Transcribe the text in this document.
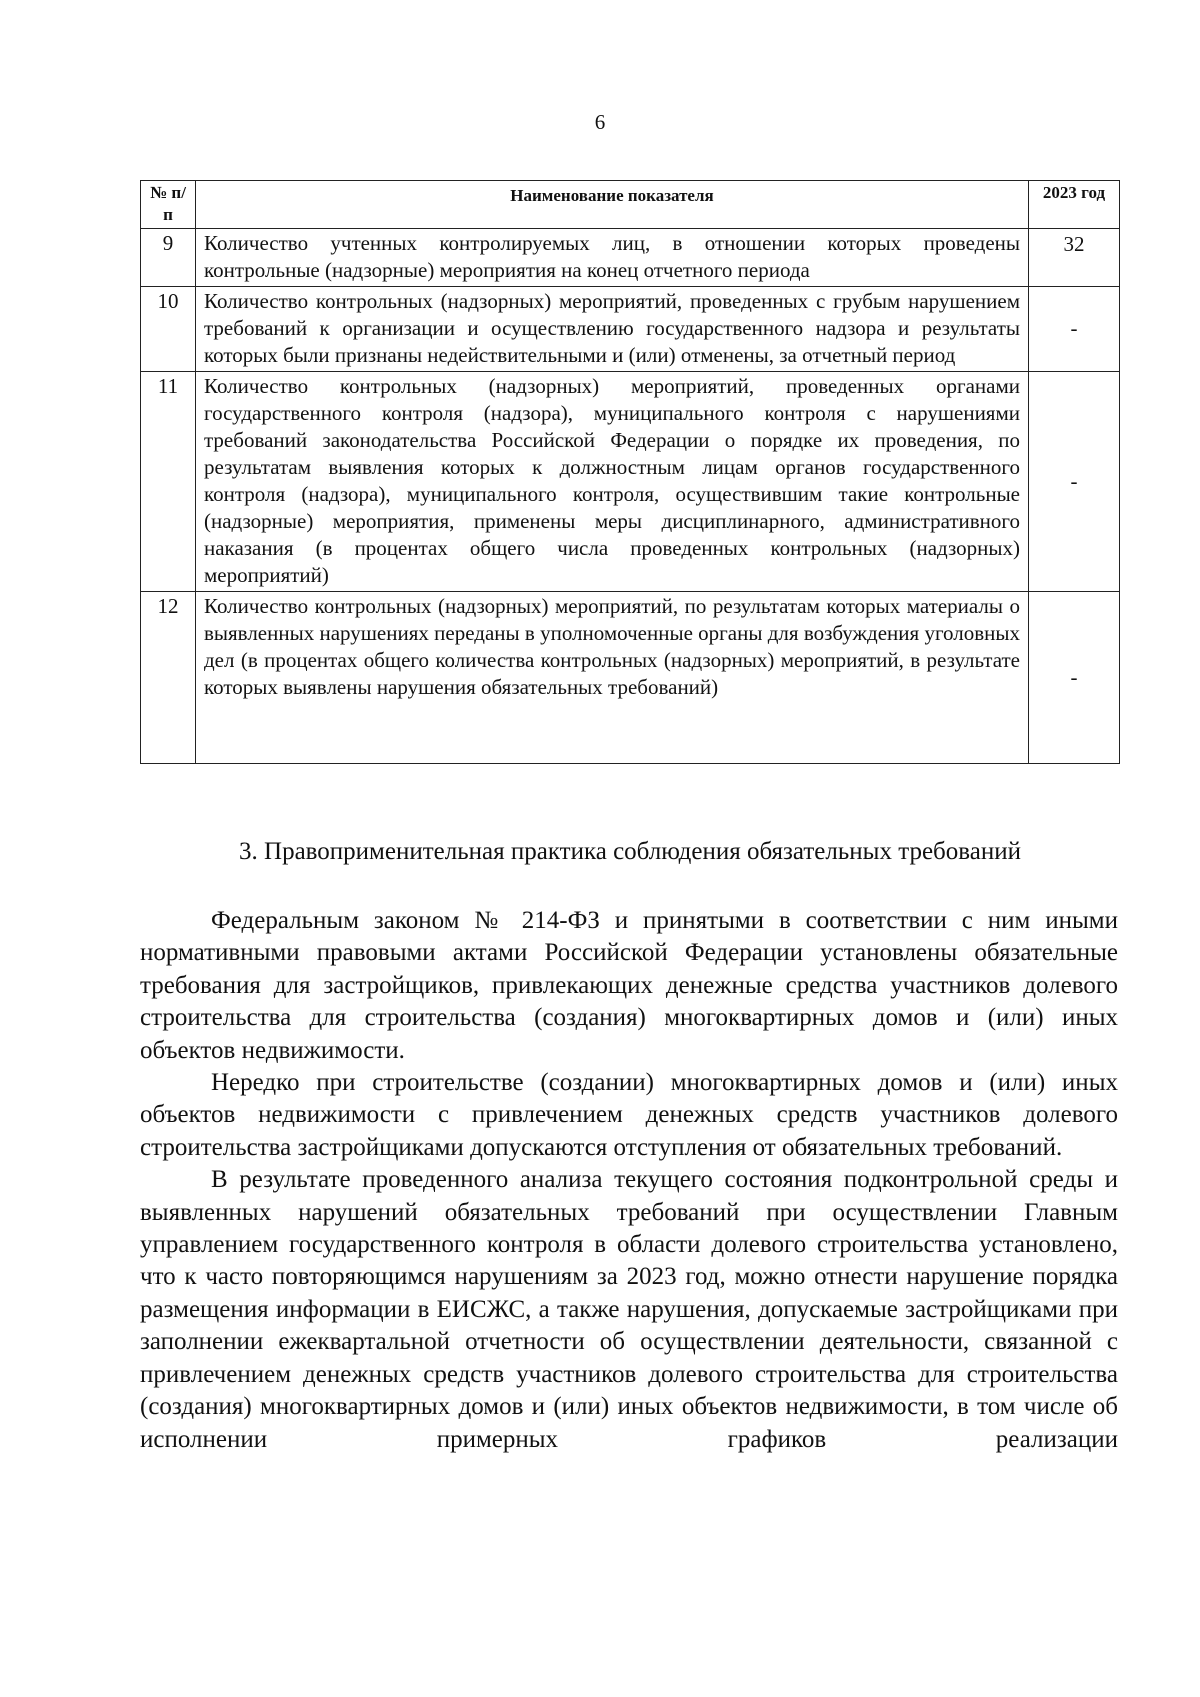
6
№ п/п	Наименование показателя	2023 год
9	Количество учтенных контролируемых лиц, в отношении которых проведены контрольные (надзорные) мероприятия на конец отчетного периода	32
10	Количество контрольных (надзорных) мероприятий, проведенных с грубым нарушением требований к организации и осуществлению государственного надзора и результаты которых были признаны недействительными и (или) отменены, за отчетный период	-
11	Количество контрольных (надзорных) мероприятий, проведенных органами государственного контроля (надзора), муниципального контроля с нарушениями требований законодательства Российской Федерации о порядке их проведения, по результатам выявления которых к должностным лицам органов государственного контроля (надзора), муниципального контроля, осуществившим такие контрольные (надзорные) мероприятия, применены меры дисциплинарного, административного наказания (в процентах общего числа проведенных контрольных (надзорных) мероприятий)	-
12	Количество контрольных (надзорных) мероприятий, по результатам которых материалы о выявленных нарушениях переданы в уполномоченные органы для возбуждения уголовных дел (в процентах общего количества контрольных (надзорных) мероприятий, в результате которых выявлены нарушения обязательных требований)	-
3. Правоприменительная практика соблюдения обязательных требований

Федеральным законом № 214-ФЗ и принятыми в соответствии с ним иными нормативными правовыми актами Российской Федерации установлены обязательные требования для застройщиков, привлекающих денежные средства участников долевого строительства для строительства (создания) многоквартирных домов и (или) иных объектов недвижимости.

Нередко при строительстве (создании) многоквартирных домов и (или) иных объектов недвижимости с привлечением денежных средств участников долевого строительства застройщиками допускаются отступления от обязательных требований.

В результате проведенного анализа текущего состояния подконтрольной среды и выявленных нарушений обязательных требований при осуществлении Главным управлением государственного контроля в области долевого строительства установлено, что к часто повторяющимся нарушениям за 2023 год, можно отнести нарушение порядка размещения информации в ЕИСЖС, а также нарушения, допускаемые застройщиками при заполнении ежеквартальной отчетности об осуществлении деятельности, связанной с привлечением денежных средств участников долевого строительства для строительства (создания) многоквартирных домов и (или) иных объектов недвижимости, в том числе об исполнении примерных графиков реализации
